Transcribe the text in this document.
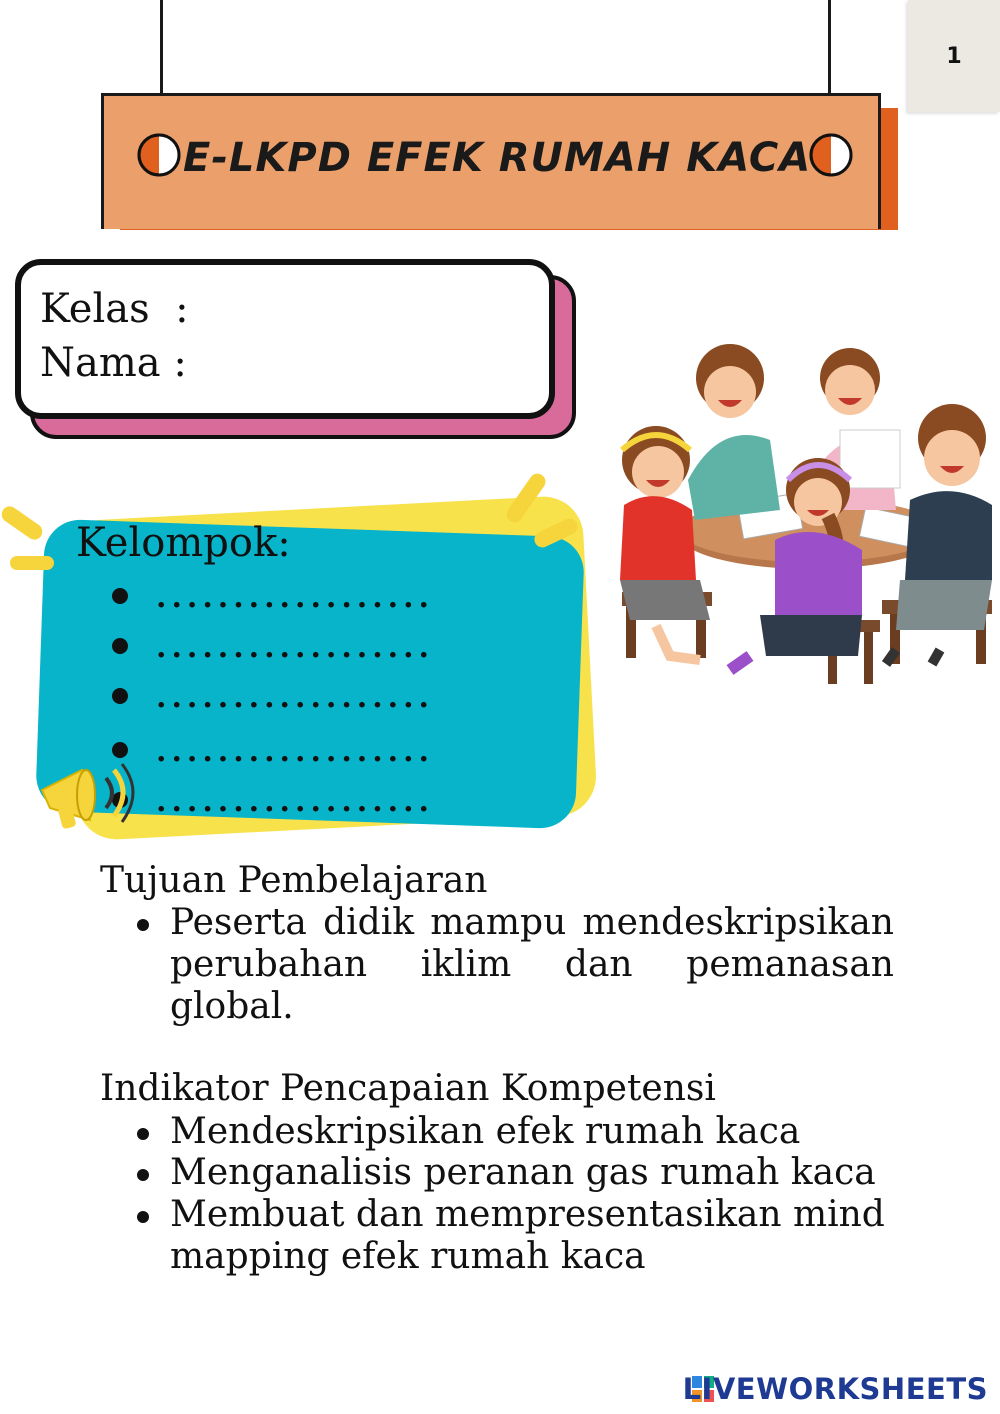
E-LKPD EFEK RUMAH KACA
1
Kelas  :
Nama :
Kelompok:
..................
..................
..................
..................
..................
Tujuan Pembelajaran
Peserta didik mampu mendeskripsikan perubahan iklim dan pemanasan global.
Indikator Pencapaian Kompetensi
Mendeskripsikan efek rumah kaca
Menganalisis peranan gas rumah kaca
Membuat dan mempresentasikan mind mapping efek rumah kaca
LIVEWORKSHEETS
